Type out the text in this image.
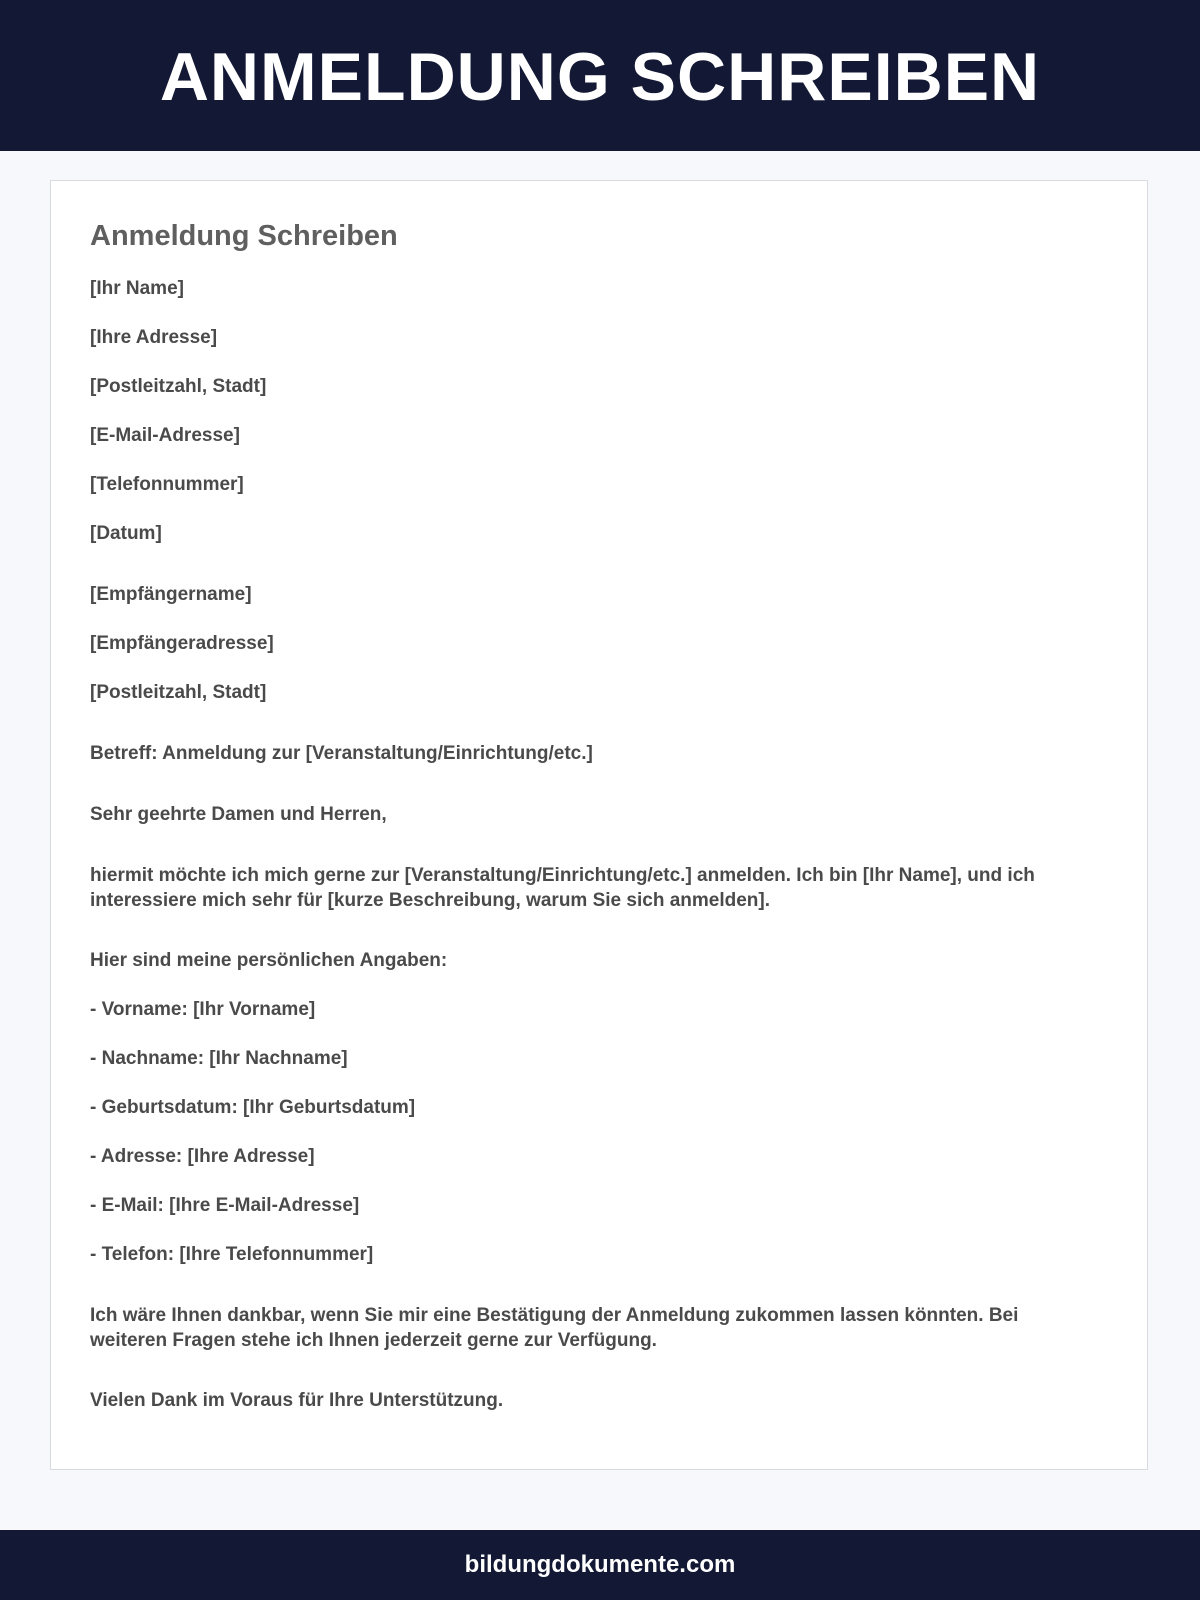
ANMELDUNG SCHREIBEN
Anmeldung Schreiben

[Ihr Name]

[Ihre Adresse]

[Postleitzahl, Stadt]

[E-Mail-Adresse]

[Telefonnummer]

[Datum]

[Empfängername]

[Empfängeradresse]

[Postleitzahl, Stadt]

Betreff: Anmeldung zur [Veranstaltung/Einrichtung/etc.]

Sehr geehrte Damen und Herren,

hiermit möchte ich mich gerne zur [Veranstaltung/Einrichtung/etc.] anmelden. Ich bin [Ihr Name], und ich interessiere mich sehr für [kurze Beschreibung, warum Sie sich anmelden].

Hier sind meine persönlichen Angaben:

- Vorname: [Ihr Vorname]

- Nachname: [Ihr Nachname]

- Geburtsdatum: [Ihr Geburtsdatum]

- Adresse: [Ihre Adresse]

- E-Mail: [Ihre E-Mail-Adresse]

- Telefon: [Ihre Telefonnummer]

Ich wäre Ihnen dankbar, wenn Sie mir eine Bestätigung der Anmeldung zukommen lassen könnten. Bei weiteren Fragen stehe ich Ihnen jederzeit gerne zur Verfügung.

Vielen Dank im Voraus für Ihre Unterstützung.

bildungdokumente.com
